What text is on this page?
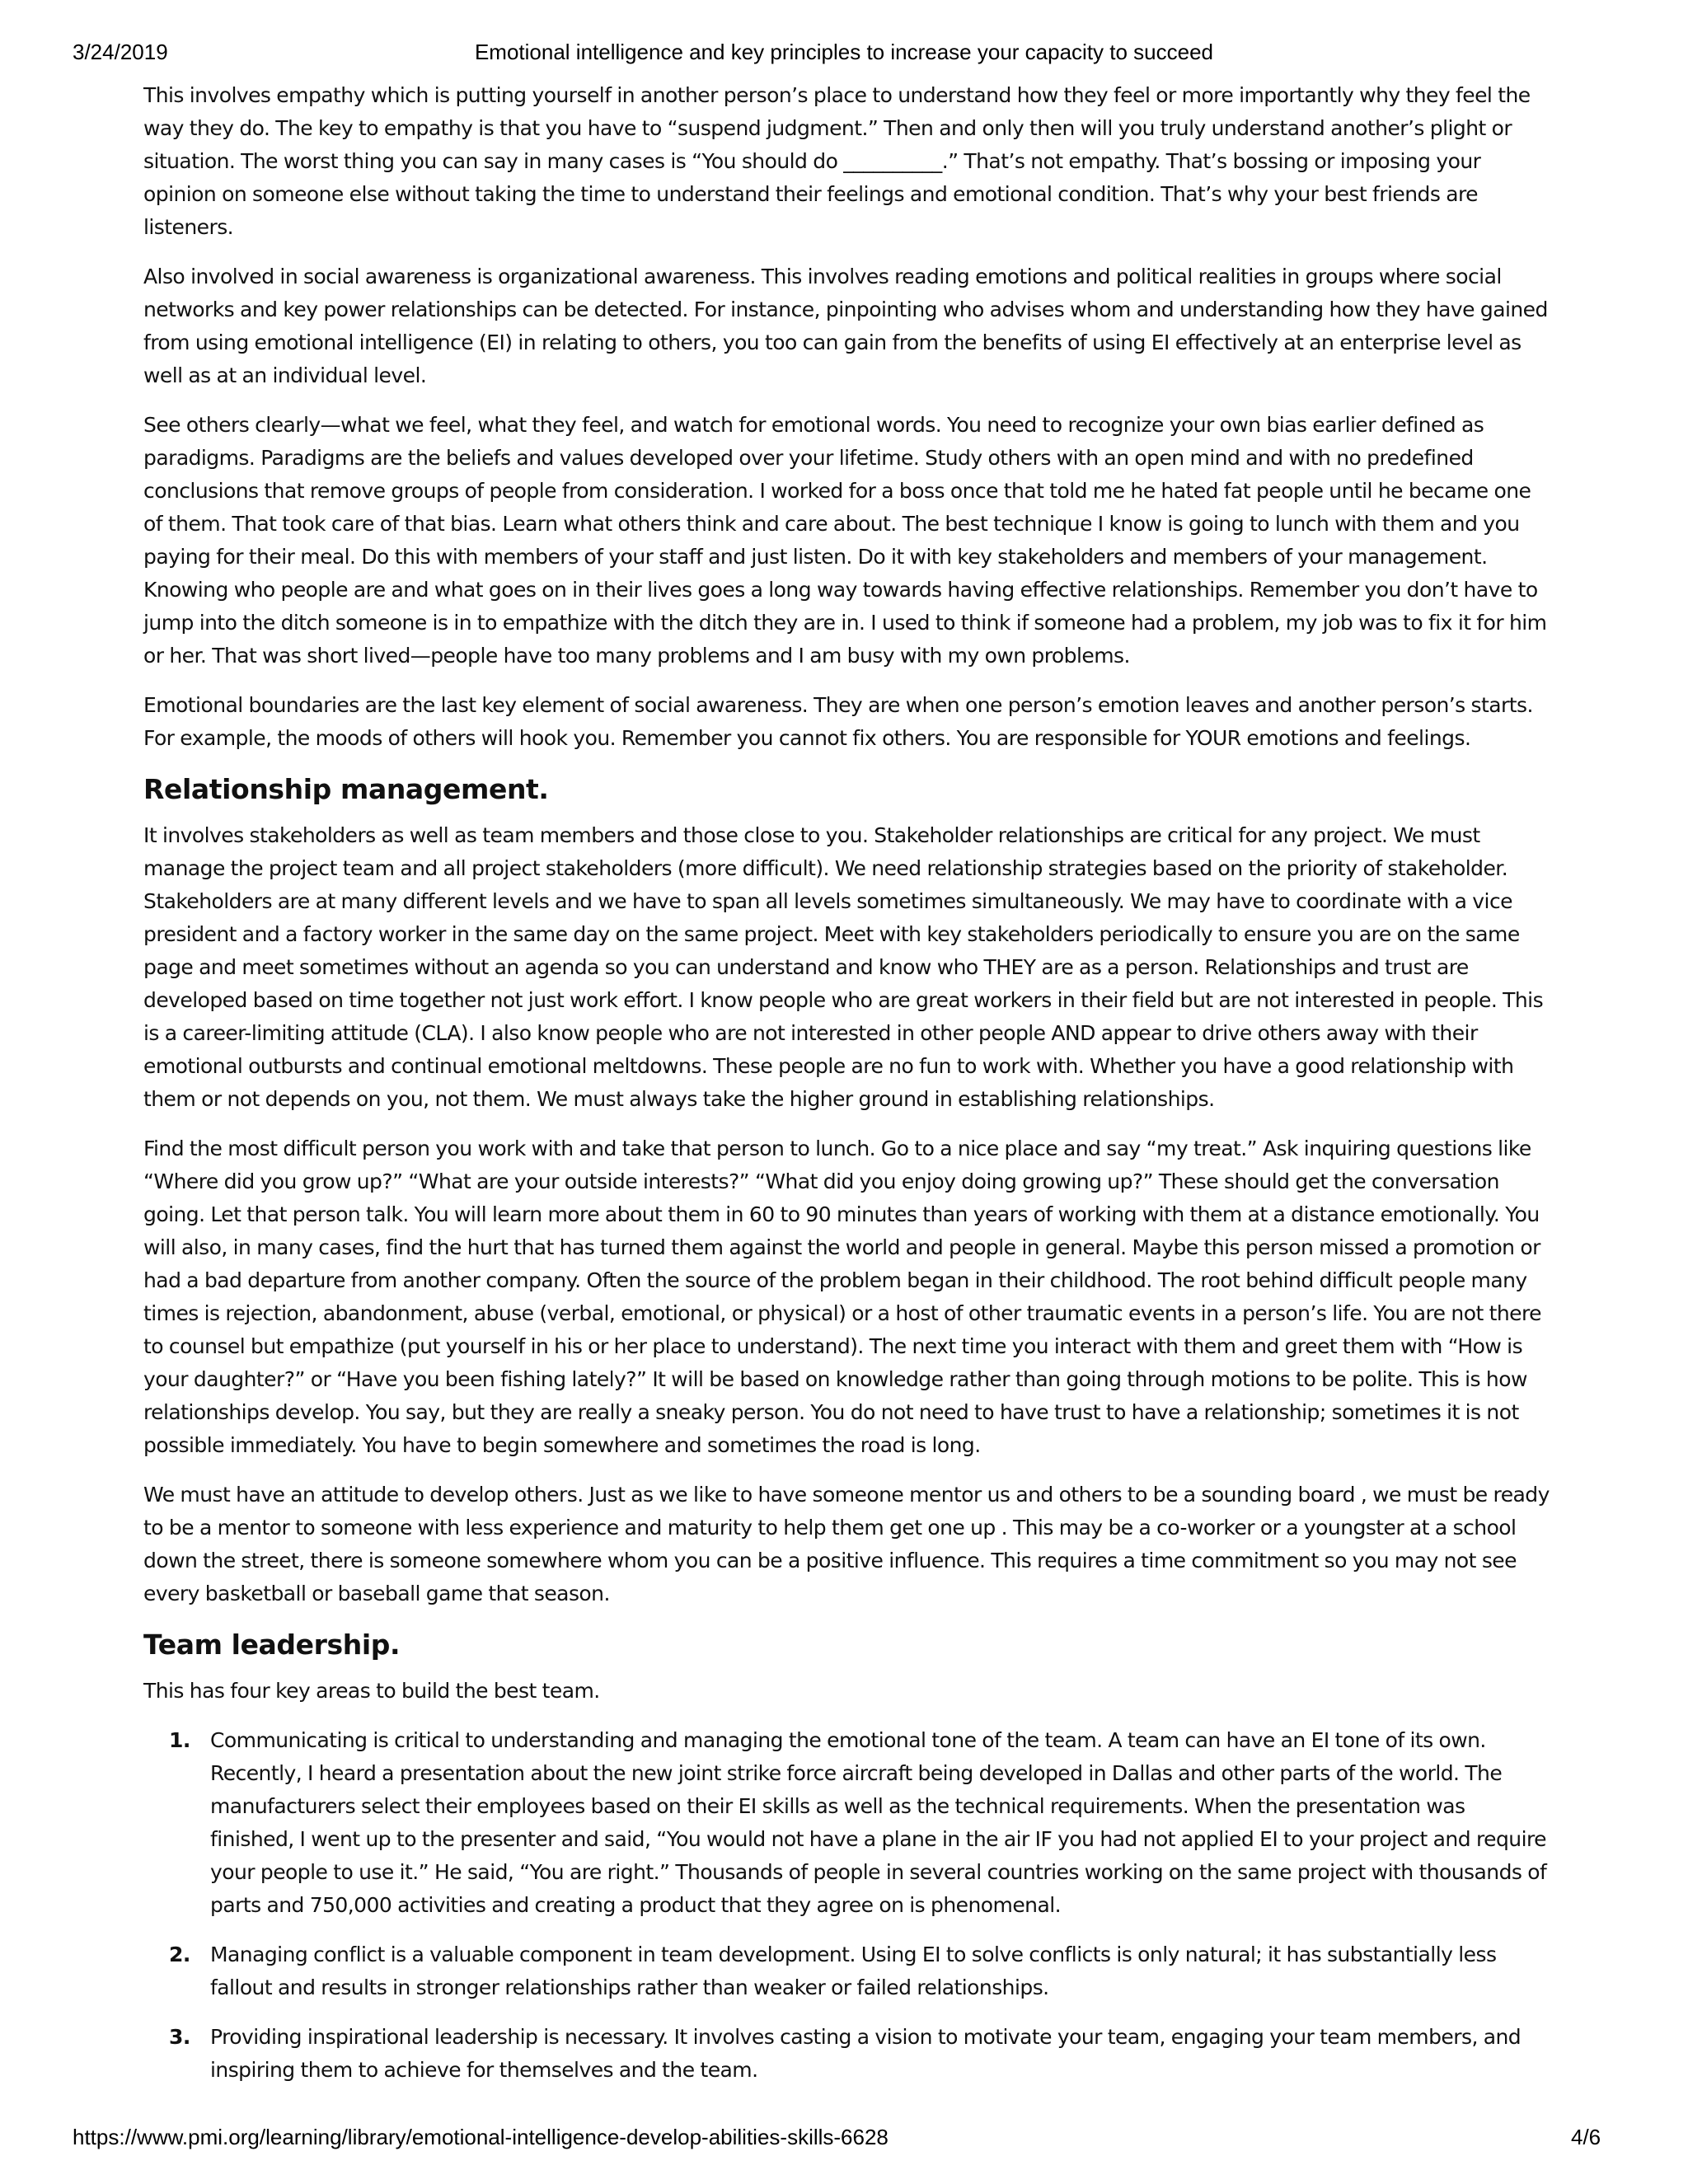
3/24/2019	Emotional intelligence and key principles to increase your capacity to succeed

This involves empathy which is putting yourself in another person’s place to understand how they feel or more importantly why they feel the way they do. The key to empathy is that you have to “suspend judgment.” Then and only then will you truly understand another’s plight or situation. The worst thing you can say in many cases is “You should do __________.” That’s not empathy. That’s bossing or imposing your opinion on someone else without taking the time to understand their feelings and emotional condition. That’s why your best friends are listeners.

Also involved in social awareness is organizational awareness. This involves reading emotions and political realities in groups where social networks and key power relationships can be detected. For instance, pinpointing who advises whom and understanding how they have gained from using emotional intelligence (EI) in relating to others, you too can gain from the benefits of using EI effectively at an enterprise level as well as at an individual level.

See others clearly—what we feel, what they feel, and watch for emotional words. You need to recognize your own bias earlier defined as paradigms. Paradigms are the beliefs and values developed over your lifetime. Study others with an open mind and with no predefined conclusions that remove groups of people from consideration. I worked for a boss once that told me he hated fat people until he became one of them. That took care of that bias. Learn what others think and care about. The best technique I know is going to lunch with them and you paying for their meal. Do this with members of your staff and just listen. Do it with key stakeholders and members of your management. Knowing who people are and what goes on in their lives goes a long way towards having effective relationships. Remember you don’t have to jump into the ditch someone is in to empathize with the ditch they are in. I used to think if someone had a problem, my job was to fix it for him or her. That was short lived—people have too many problems and I am busy with my own problems.

Emotional boundaries are the last key element of social awareness. They are when one person’s emotion leaves and another person’s starts. For example, the moods of others will hook you. Remember you cannot fix others. You are responsible for YOUR emotions and feelings.

Relationship management.

It involves stakeholders as well as team members and those close to you. Stakeholder relationships are critical for any project. We must manage the project team and all project stakeholders (more difficult). We need relationship strategies based on the priority of stakeholder. Stakeholders are at many different levels and we have to span all levels sometimes simultaneously. We may have to coordinate with a vice president and a factory worker in the same day on the same project. Meet with key stakeholders periodically to ensure you are on the same page and meet sometimes without an agenda so you can understand and know who THEY are as a person. Relationships and trust are developed based on time together not just work effort. I know people who are great workers in their field but are not interested in people. This is a career-limiting attitude (CLA). I also know people who are not interested in other people AND appear to drive others away with their emotional outbursts and continual emotional meltdowns. These people are no fun to work with. Whether you have a good relationship with them or not depends on you, not them. We must always take the higher ground in establishing relationships.

Find the most difficult person you work with and take that person to lunch. Go to a nice place and say “my treat.” Ask inquiring questions like “Where did you grow up?” “What are your outside interests?” “What did you enjoy doing growing up?” These should get the conversation going. Let that person talk. You will learn more about them in 60 to 90 minutes than years of working with them at a distance emotionally. You will also, in many cases, find the hurt that has turned them against the world and people in general. Maybe this person missed a promotion or had a bad departure from another company. Often the source of the problem began in their childhood. The root behind difficult people many times is rejection, abandonment, abuse (verbal, emotional, or physical) or a host of other traumatic events in a person’s life. You are not there to counsel but empathize (put yourself in his or her place to understand). The next time you interact with them and greet them with “How is your daughter?” or “Have you been fishing lately?” It will be based on knowledge rather than going through motions to be polite. This is how relationships develop. You say, but they are really a sneaky person. You do not need to have trust to have a relationship; sometimes it is not possible immediately. You have to begin somewhere and sometimes the road is long.

We must have an attitude to develop others. Just as we like to have someone mentor us and others to be a sounding board , we must be ready to be a mentor to someone with less experience and maturity to help them get one up . This may be a co-worker or a youngster at a school down the street, there is someone somewhere whom you can be a positive influence. This requires a time commitment so you may not see every basketball or baseball game that season.

Team leadership.

This has four key areas to build the best team.

1. Communicating is critical to understanding and managing the emotional tone of the team. A team can have an EI tone of its own. Recently, I heard a presentation about the new joint strike force aircraft being developed in Dallas and other parts of the world. The manufacturers select their employees based on their EI skills as well as the technical requirements. When the presentation was finished, I went up to the presenter and said, “You would not have a plane in the air IF you had not applied EI to your project and require your people to use it.” He said, “You are right.” Thousands of people in several countries working on the same project with thousands of parts and 750,000 activities and creating a product that they agree on is phenomenal.
2. Managing conflict is a valuable component in team development. Using EI to solve conflicts is only natural; it has substantially less fallout and results in stronger relationships rather than weaker or failed relationships.
3. Providing inspirational leadership is necessary. It involves casting a vision to motivate your team, engaging your team members, and inspiring them to achieve for themselves and the team.
https://www.pmi.org/learning/library/emotional-intelligence-develop-abilities-skills-6628	4/6
